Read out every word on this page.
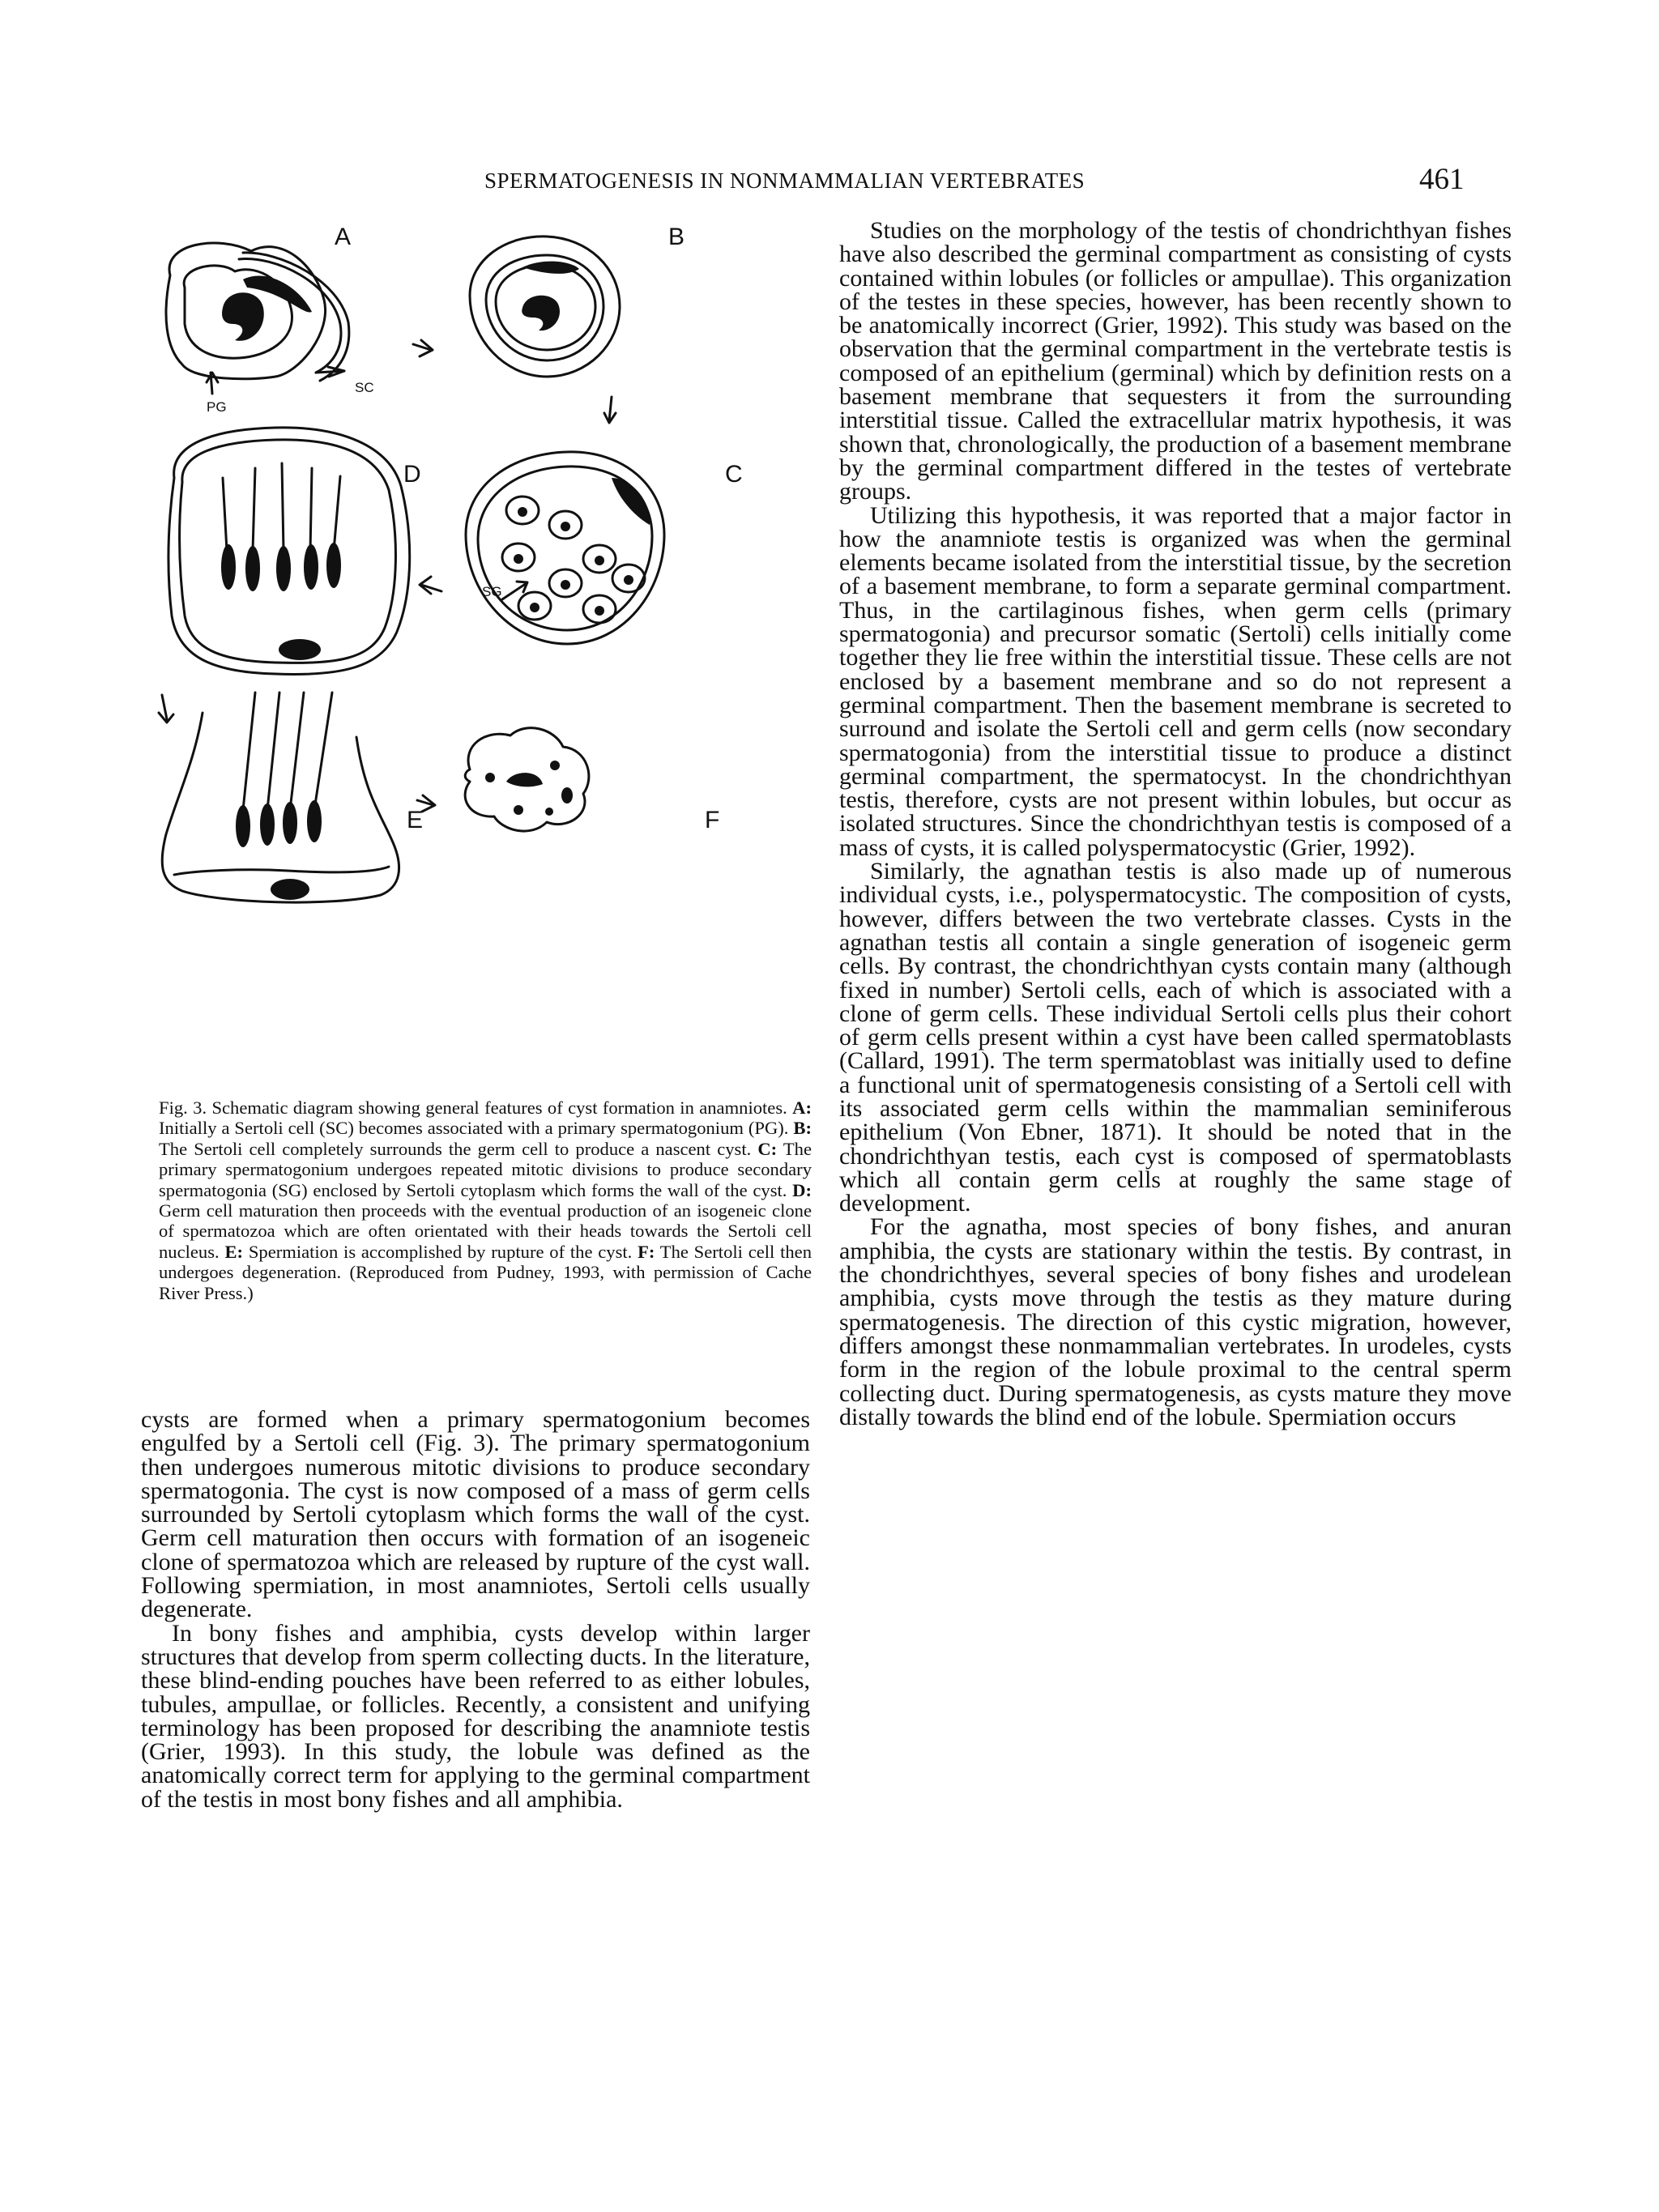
SPERMATOGENESIS IN NONMAMMALIAN VERTEBRATES	461
A	B
C
D
E	F
SC
PG
SG
Fig. 3. Schematic diagram showing general features of cyst formation in anamniotes. A: Initially a Sertoli cell (SC) becomes associated with a primary spermatogonium (PG). B: The Sertoli cell completely surrounds the germ cell to produce a nascent cyst. C: The primary spermatogonium undergoes repeated mitotic divisions to produce secondary spermatogonia (SG) enclosed by Sertoli cytoplasm which forms the wall of the cyst. D: Germ cell maturation then proceeds with the eventual production of an isogeneic clone of spermatozoa which are often orientated with their heads towards the Sertoli cell nucleus. E: Spermiation is accomplished by rupture of the cyst. F: The Sertoli cell then undergoes degeneration. (Reproduced from Pudney, 1993, with permission of Cache River Press.)

cysts are formed when a primary spermatogonium becomes engulfed by a Sertoli cell (Fig. 3). The primary spermatogonium then undergoes numerous mitotic divisions to produce secondary spermatogonia. The cyst is now composed of a mass of germ cells surrounded by Sertoli cytoplasm which forms the wall of the cyst. Germ cell maturation then occurs with formation of an isogeneic clone of spermatozoa which are released by rupture of the cyst wall. Following spermiation, in most anamniotes, Sertoli cells usually degenerate.

In bony fishes and amphibia, cysts develop within larger structures that develop from sperm collecting ducts. In the literature, these blind-ending pouches have been referred to as either lobules, tubules, ampullae, or follicles. Recently, a consistent and unifying terminology has been proposed for describing the anamniote testis (Grier, 1993). In this study, the lobule was defined as the anatomically correct term for applying to the germinal compartment of the testis in most bony fishes and all amphibia.

Studies on the morphology of the testis of chondrichthyan fishes have also described the germinal compartment as consisting of cysts contained within lobules (or follicles or ampullae). This organization of the testes in these species, however, has been recently shown to be anatomically incorrect (Grier, 1992). This study was based on the observation that the germinal compartment in the vertebrate testis is composed of an epithelium (germinal) which by definition rests on a basement membrane that sequesters it from the surrounding interstitial tissue. Called the extracellular matrix hypothesis, it was shown that, chronologically, the production of a basement membrane by the germinal compartment differed in the testes of vertebrate groups.

Utilizing this hypothesis, it was reported that a major factor in how the anamniote testis is organized was when the germinal elements became isolated from the interstitial tissue, by the secretion of a basement membrane, to form a separate germinal compartment. Thus, in the cartilaginous fishes, when germ cells (primary spermatogonia) and precursor somatic (Sertoli) cells initially come together they lie free within the interstitial tissue. These cells are not enclosed by a basement membrane and so do not represent a germinal compartment. Then the basement membrane is secreted to surround and isolate the Sertoli cell and germ cells (now secondary spermatogonia) from the interstitial tissue to produce a distinct germinal compartment, the spermatocyst. In the chondrichthyan testis, therefore, cysts are not present within lobules, but occur as isolated structures. Since the chondrichthyan testis is composed of a mass of cysts, it is called polyspermatocystic (Grier, 1992).

Similarly, the agnathan testis is also made up of numerous individual cysts, i.e., polyspermatocystic. The composition of cysts, however, differs between the two vertebrate classes. Cysts in the agnathan testis all contain a single generation of isogeneic germ cells. By contrast, the chondrichthyan cysts contain many (although fixed in number) Sertoli cells, each of which is associated with a clone of germ cells. These individual Sertoli cells plus their cohort of germ cells present within a cyst have been called spermatoblasts (Callard, 1991). The term spermatoblast was initially used to define a functional unit of spermatogenesis consisting of a Sertoli cell with its associated germ cells within the mammalian seminiferous epithelium (Von Ebner, 1871). It should be noted that in the chondrichthyan testis, each cyst is composed of spermatoblasts which all contain germ cells at roughly the same stage of development.

For the agnatha, most species of bony fishes, and anuran amphibia, the cysts are stationary within the testis. By contrast, in the chondrichthyes, several species of bony fishes and urodelean amphibia, cysts move through the testis as they mature during spermatogenesis. The direction of this cystic migration, however, differs amongst these nonmammalian vertebrates. In urodeles, cysts form in the region of the lobule proximal to the central sperm collecting duct. During spermatogenesis, as cysts mature they move distally towards the blind end of the lobule. Spermiation occurs
